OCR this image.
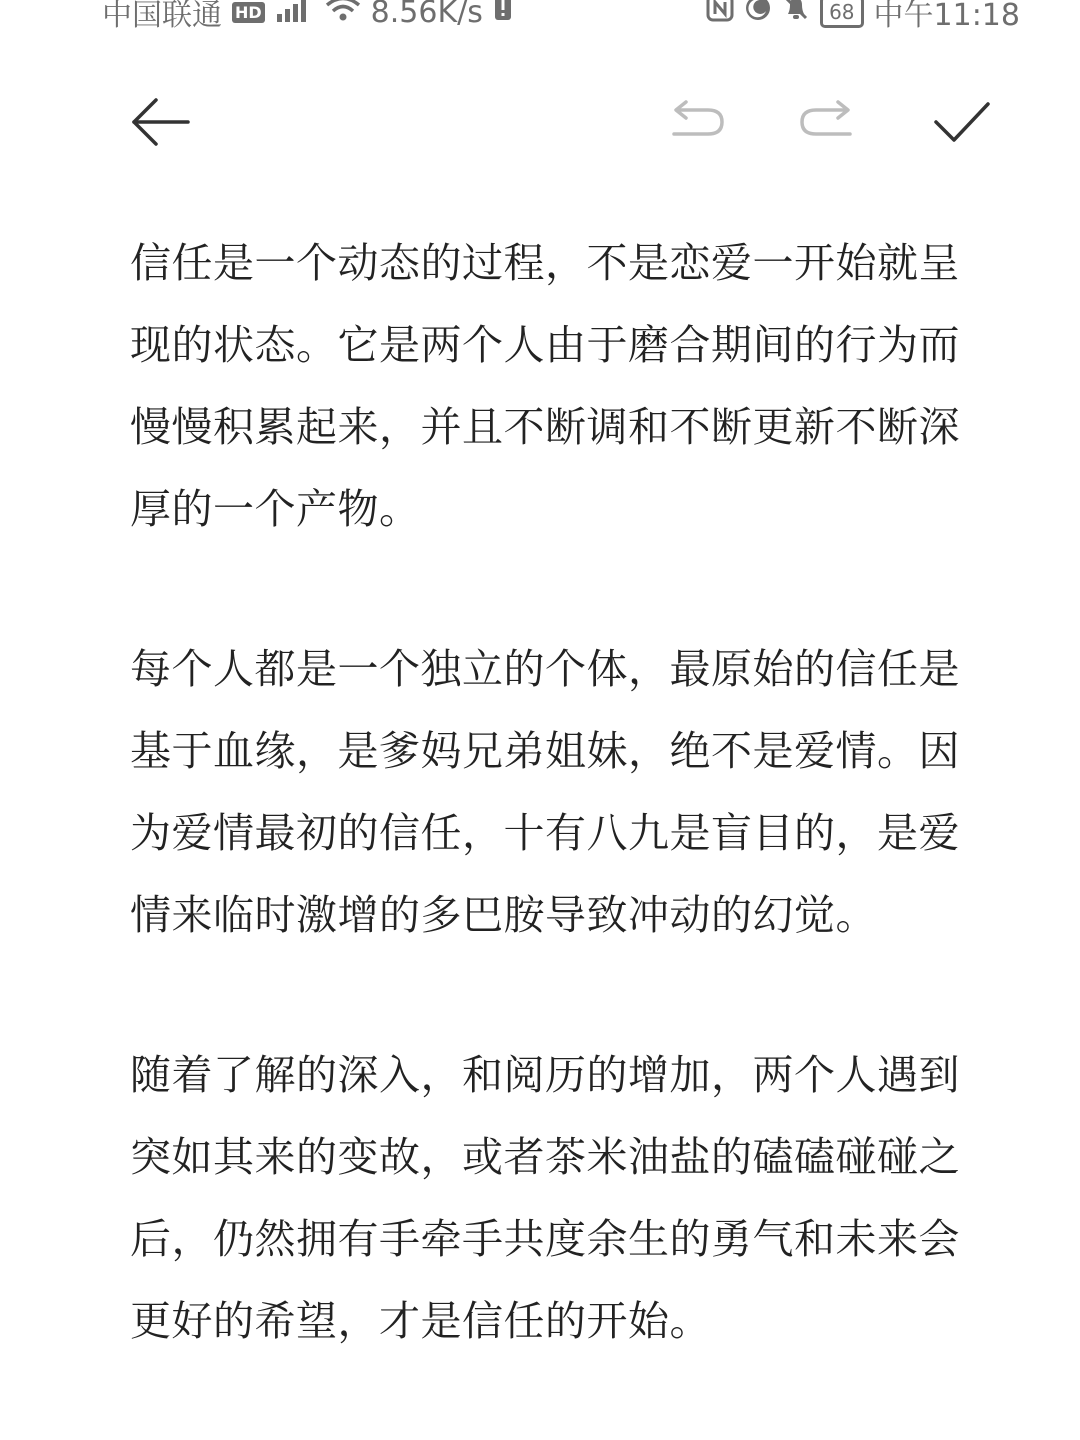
中国联通 HD	8.56K/s	68 中午11:18

信任是一个动态的过程，不是恋爱一开始就呈现的状态。它是两个人由于磨合期间的行为而慢慢积累起来，并且不断调和不断更新不断深厚的一个产物。

每个人都是一个独立的个体，最原始的信任是基于血缘，是爹妈兄弟姐妹，绝不是爱情。因为爱情最初的信任，十有八九是盲目的，是爱情来临时激增的多巴胺导致冲动的幻觉。

随着了解的深入，和阅历的增加，两个人遇到突如其来的变故，或者茶米油盐的磕磕碰碰之后，仍然拥有手牵手共度余生的勇气和未来会更好的希望，才是信任的开始。
